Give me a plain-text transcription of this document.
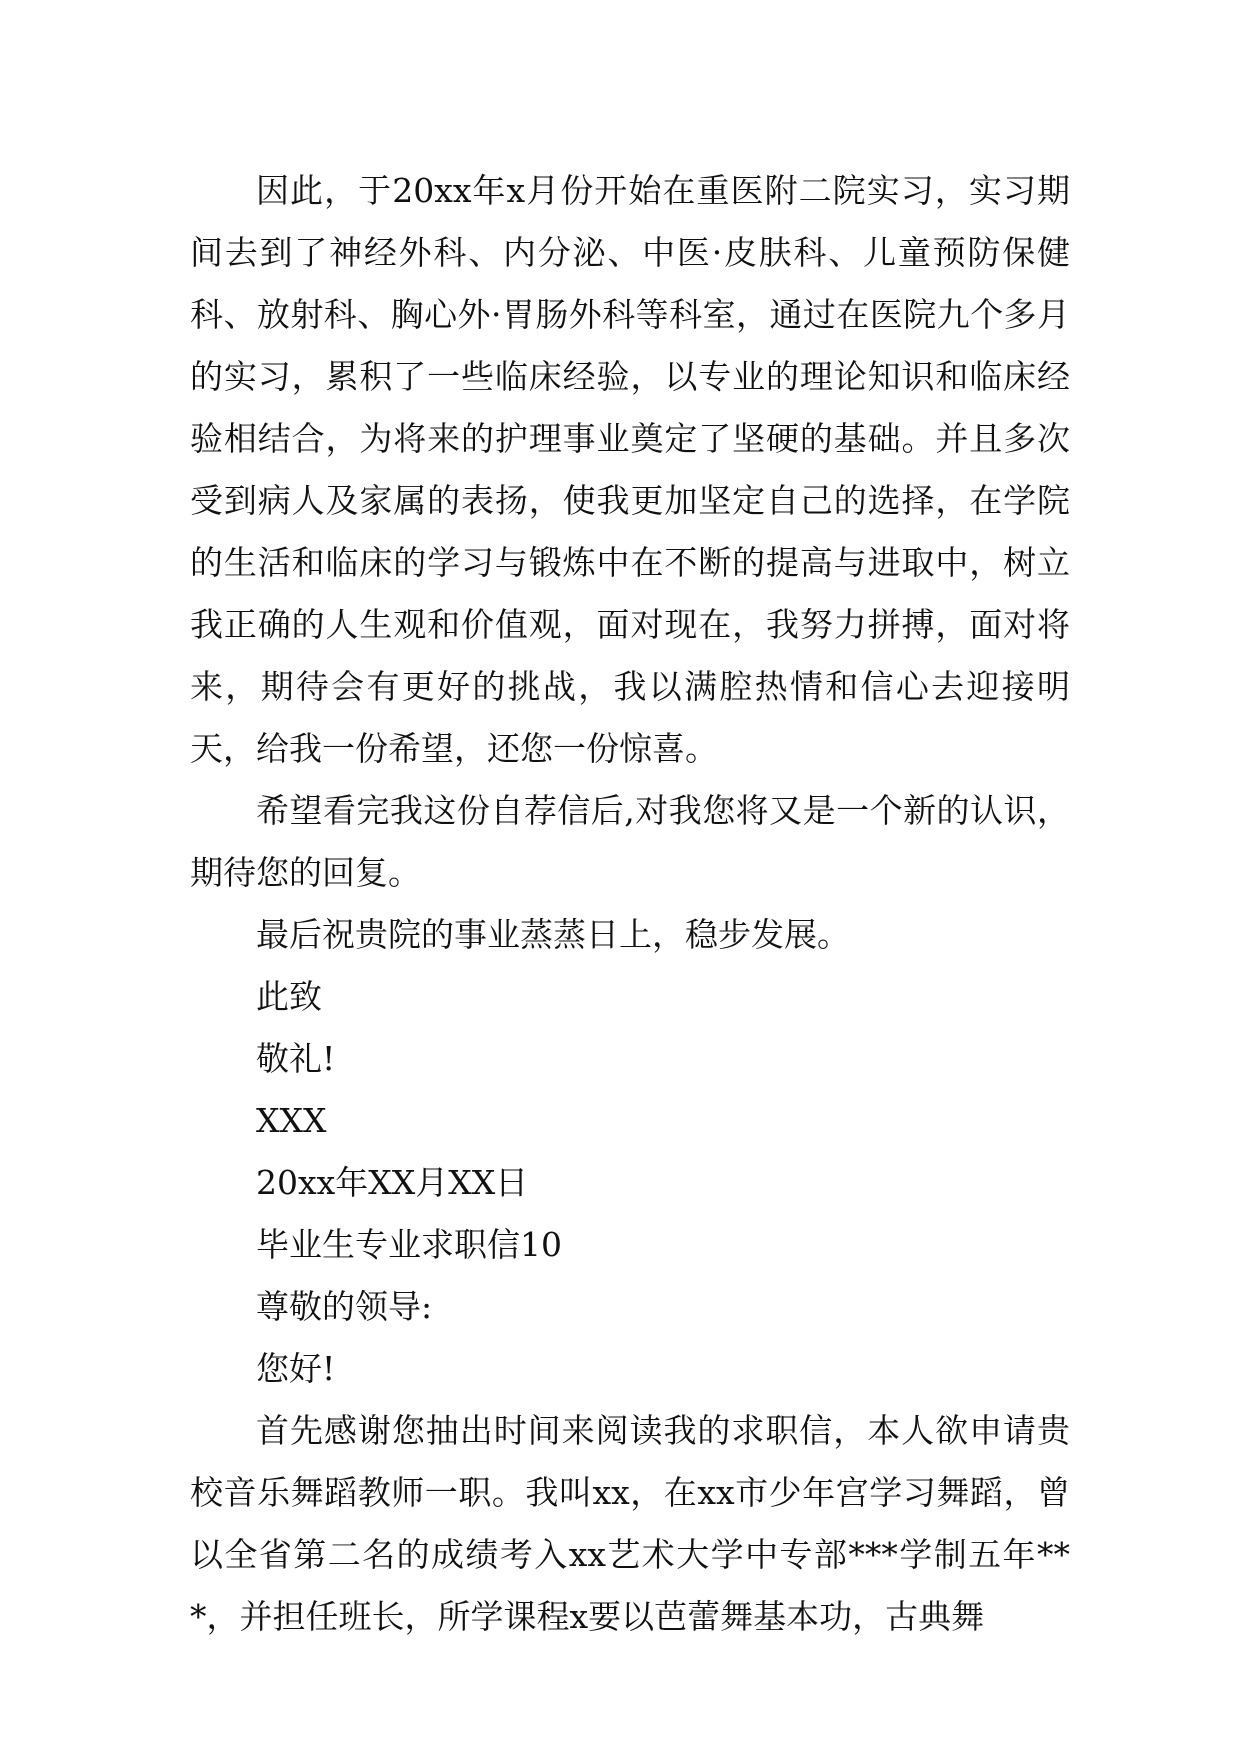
因此，于20xx年x月份开始在重医附二院实习，实习期间去到了神经外科、内分泌、中医·皮肤科、儿童预防保健科、放射科、胸心外·胃肠外科等科室，通过在医院九个多月的实习，累积了一些临床经验，以专业的理论知识和临床经验相结合，为将来的护理事业奠定了坚硬的基础。并且多次受到病人及家属的表扬，使我更加坚定自己的选择，在学院的生活和临床的学习与锻炼中在不断的提高与进取中，树立我正确的人生观和价值观，面对现在，我努力拼搏，面对将来，期待会有更好的挑战，我以满腔热情和信心去迎接明天，给我一份希望，还您一份惊喜。

希望看完我这份自荐信后,对我您将又是一个新的认识，期待您的回复。

最后祝贵院的事业蒸蒸日上，稳步发展。

此致

敬礼!

XXX

20xx年XX月XX日

毕业生专业求职信10

尊敬的领导:

您好!

首先感谢您抽出时间来阅读我的求职信，本人欲申请贵校音乐舞蹈教师一职。我叫xx，在xx市少年宫学习舞蹈，曾以全省第二名的成绩考入xx艺术大学中专部***学制五年***，并担任班长，所学课程x要以芭蕾舞基本功，古典舞
